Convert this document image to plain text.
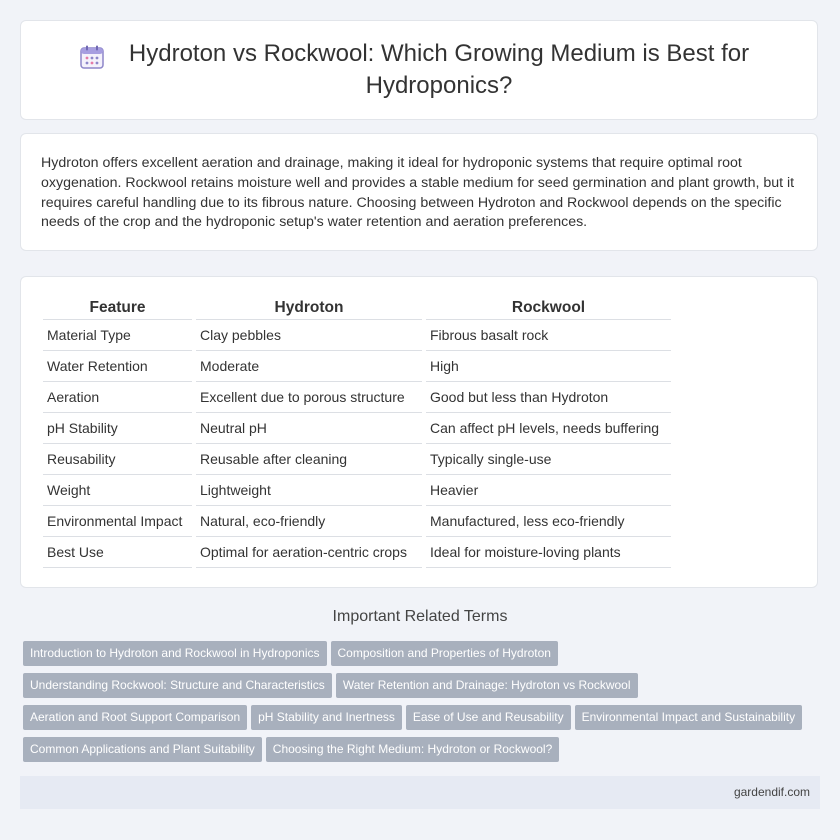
Hydroton vs Rockwool: Which Growing Medium is Best for Hydroponics?

Hydroton offers excellent aeration and drainage, making it ideal for hydroponic systems that require optimal root oxygenation. Rockwool retains moisture well and provides a stable medium for seed germination and plant growth, but it requires careful handling due to its fibrous nature. Choosing between Hydroton and Rockwool depends on the specific needs of the crop and the hydroponic setup's water retention and aeration preferences.

Feature	Hydroton	Rockwool
Material Type	Clay pebbles	Fibrous basalt rock
Water Retention	Moderate	High
Aeration	Excellent due to porous structure	Good but less than Hydroton
pH Stability	Neutral pH	Can affect pH levels, needs buffering
Reusability	Reusable after cleaning	Typically single-use
Weight	Lightweight	Heavier
Environmental Impact	Natural, eco-friendly	Manufactured, less eco-friendly
Best Use	Optimal for aeration-centric crops	Ideal for moisture-loving plants
Important Related Terms
Introduction to Hydroton and Rockwool in Hydroponics Composition and Properties of Hydroton
Understanding Rockwool: Structure and Characteristics Water Retention and Drainage: Hydroton vs Rockwool
Aeration and Root Support Comparison pH Stability and Inertness Ease of Use and Reusability Environmental Impact and Sustainability
Common Applications and Plant Suitability Choosing the Right Medium: Hydroton or Rockwool?
gardendif.com
